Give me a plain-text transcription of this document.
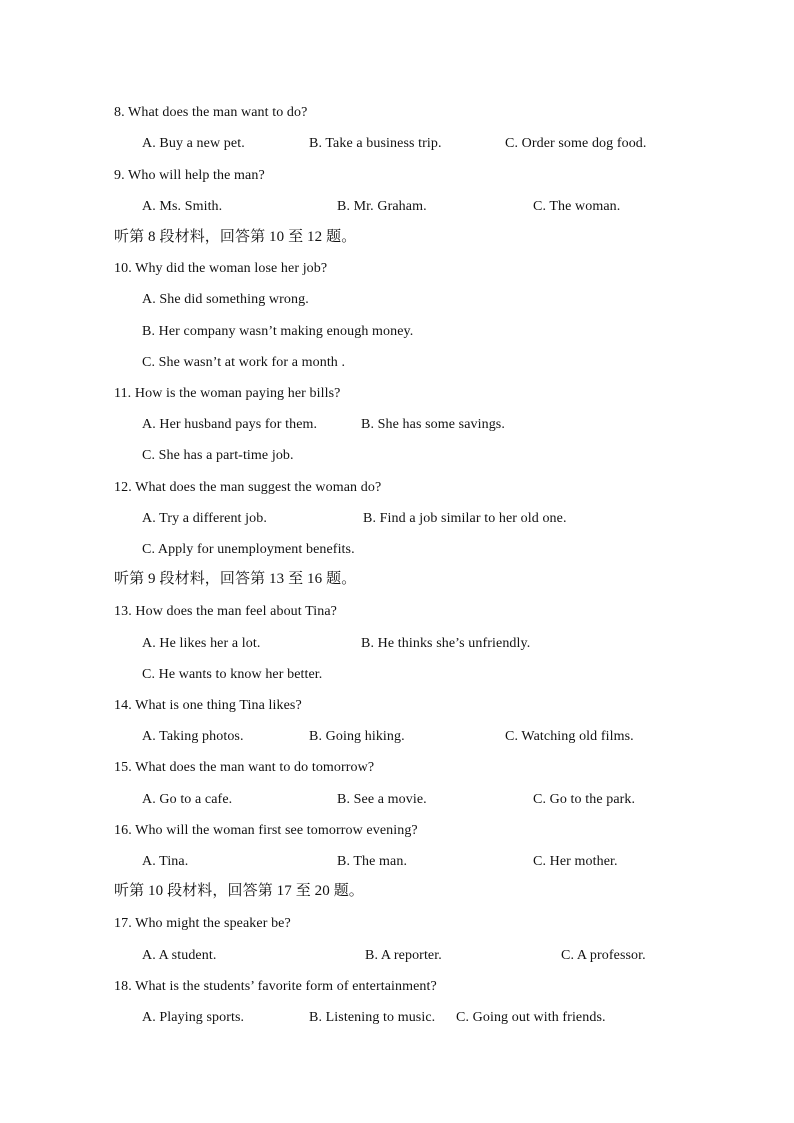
8. What does the man want to do?
A. Buy a new pet.	B. Take a business trip.	C. Order some dog food.
9. Who will help the man?
A. Ms. Smith.	B. Mr. Graham.	C. The woman.
听第 8 段材料，回答第 10 至 12 题。
10. Why did the woman lose her job?
A. She did something wrong.
B. Her company wasn’t making enough money.
C. She wasn’t at work for a month .
11. How is the woman paying her bills?
A. Her husband pays for them.	B. She has some savings.
C. She has a part-time job.
12. What does the man suggest the woman do?
A. Try a different job.	B. Find a job similar to her old one.
C. Apply for unemployment benefits.
听第 9 段材料，回答第 13 至 16 题。
13. How does the man feel about Tina?
A. He likes her a lot.	B. He thinks she’s unfriendly.
C. He wants to know her better.
14. What is one thing Tina likes?
A. Taking photos.	B. Going hiking.	C. Watching old films.
15. What does the man want to do tomorrow?
A. Go to a cafe.	B. See a movie.	C. Go to the park.
16. Who will the woman first see tomorrow evening?
A. Tina.	B. The man.	C. Her mother.
听第 10 段材料，回答第 17 至 20 题。
17. Who might the speaker be?
A. A student.	B. A reporter.	C. A professor.
18. What is the students’ favorite form of entertainment?
A. Playing sports.	B. Listening to music. C. Going out with friends.
